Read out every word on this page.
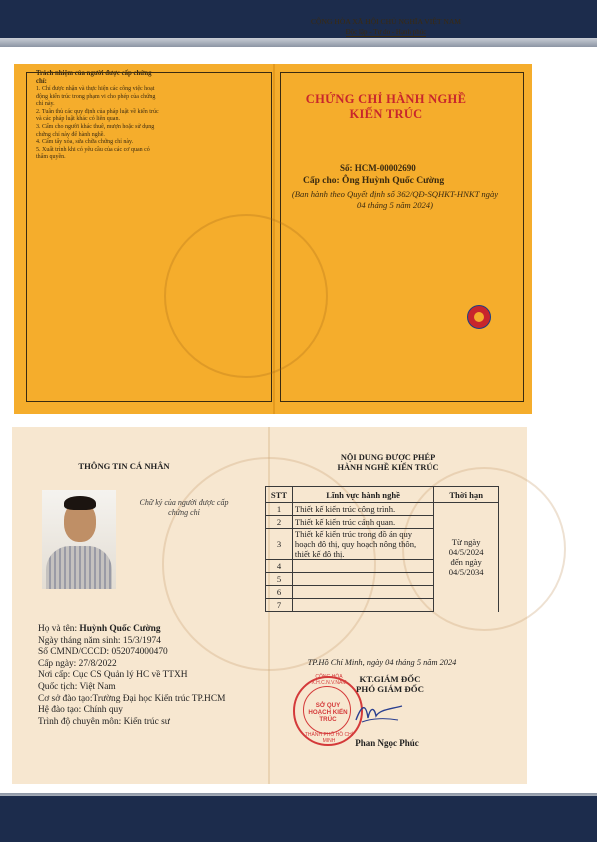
Trách nhiệm của người được cấp chứng chỉ:
1. Chỉ được nhận và thực hiện các công việc hoạt động kiến trúc trong phạm vi cho phép của chứng chỉ này.
2. Tuân thủ các quy định của pháp luật về kiến trúc và các pháp luật khác có liên quan.
3. Cấm cho người khác thuê, mượn hoặc sử dụng chứng chỉ này để hành nghề.
4. Cấm tẩy xóa, sửa chữa chứng chỉ này.
5. Xuất trình khi có yêu cầu của các cơ quan có thẩm quyền.
CỘNG HÒA XÃ HỘI CHỦ NGHĨA VIỆT NAM
Độc lập - Tự do - Hạnh phúc
CHỨNG CHỈ HÀNH NGHỀ
KIẾN TRÚC
Số: HCM-00002690
Cấp cho: Ông Huỳnh Quốc Cường
(Ban hành theo Quyết định số 362/QĐ-SQHKT-HNKT ngày 04 tháng 5 năm 2024)
THÔNG TIN CÁ NHÂN
Chữ ký của người được cấp chứng chỉ
Họ và tên: Huỳnh Quốc Cường
Ngày tháng năm sinh: 15/3/1974
Số CMND/CCCD: 052074000470
Cấp ngày: 27/8/2022
Nơi cấp: Cục CS Quản lý HC về TTXH
Quốc tịch: Việt Nam
Cơ sở đào tạo:Trường Đại học Kiến trúc TP.HCM
Hệ đào tạo: Chính quy
Trình độ chuyên môn: Kiến trúc sư
NỘI DUNG ĐƯỢC PHÉP
HÀNH NGHỀ KIẾN TRÚC
STT	Lĩnh vực hành nghề	Thời hạn
1	Thiết kế kiến trúc công trình.	Từ ngày
04/5/2024
đến ngày
04/5/2034

2	Thiết kế kiến trúc cảnh quan.	
3	Thiết kế kiến trúc trong đồ án quy hoạch đô thị, quy hoạch nông thôn, thiết kế đô thị.	
4		
5		
6		
7		
TP.Hồ Chí Minh, ngày 04 tháng 5 năm 2024
CỘNG HÒA X.H.C.N.V.NAM
SỞ QUY HOẠCH KIẾN TRÚC
THÀNH PHỐ HỒ CHÍ MINH
KT.GIÁM ĐỐC
PHÓ GIÁM ĐỐC
Phan Ngọc Phúc
